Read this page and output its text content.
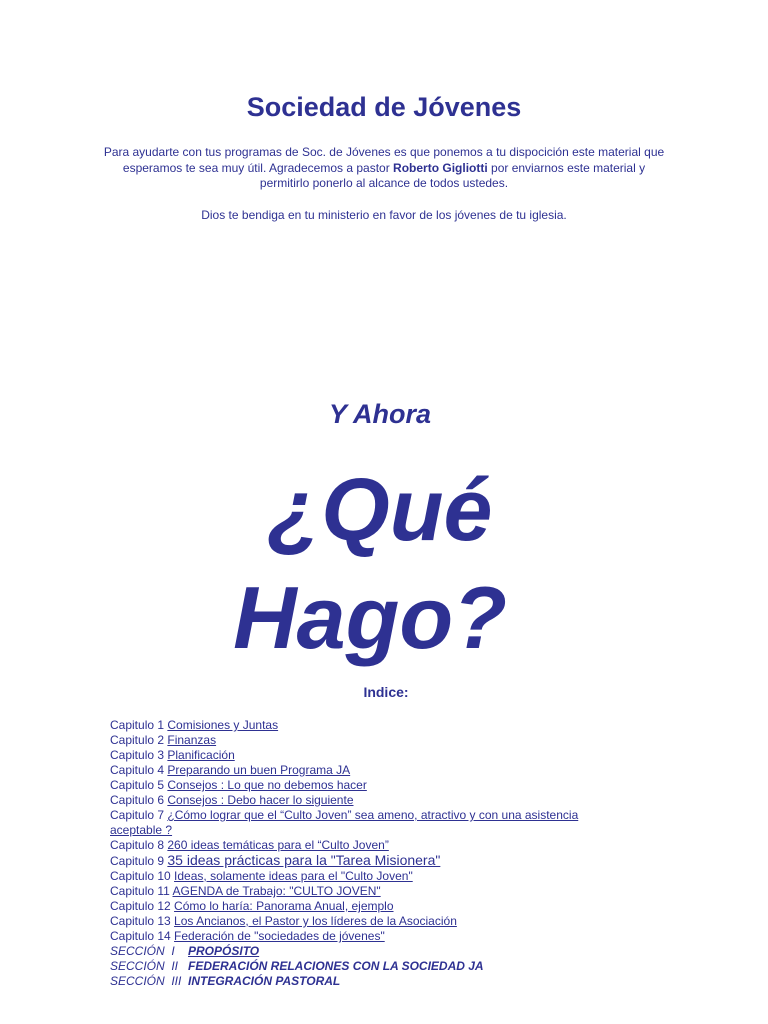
Sociedad de Jóvenes
Para ayudarte con tus programas de Soc. de Jóvenes es que ponemos a tu dispocición este material que esperamos te sea muy útil. Agradecemos a pastor Roberto Gigliotti por enviarnos este material y permitirlo ponerlo al alcance de todos ustedes.
Dios te bendiga en tu ministerio en favor de los jóvenes de tu iglesia.
Y Ahora
¿Qué
Hago?
Indice:
Capitulo 1 Comisiones y Juntas
Capitulo 2 Finanzas
Capitulo 3 Planificación
Capitulo 4 Preparando un buen Programa JA
Capitulo 5 Consejos : Lo que no debemos hacer
Capitulo 6 Consejos : Debo hacer lo siguiente
Capitulo 7 ¿Cómo lograr que el “Culto Joven” sea ameno, atractivo y con una asistencia aceptable ?
Capitulo 8 260 ideas temáticas para el “Culto Joven”
Capitulo 9 35 ideas prácticas para la "Tarea Misionera"
Capitulo 10 Ideas, solamente ideas para el "Culto Joven"
Capitulo 11 AGENDA de Trabajo: "CULTO JOVEN"
Capitulo 12 Cómo lo haría: Panorama Anual, ejemplo
Capitulo 13 Los Ancianos, el Pastor y los líderes de la Asociación
Capitulo 14 Federación de "sociedades de jóvenes"
SECCIÓN  I    PROPÓSITO
SECCIÓN  II   FEDERACIÓN RELACIONES CON LA SOCIEDAD JA
SECCIÓN  III  INTEGRACIÓN PASTORAL
